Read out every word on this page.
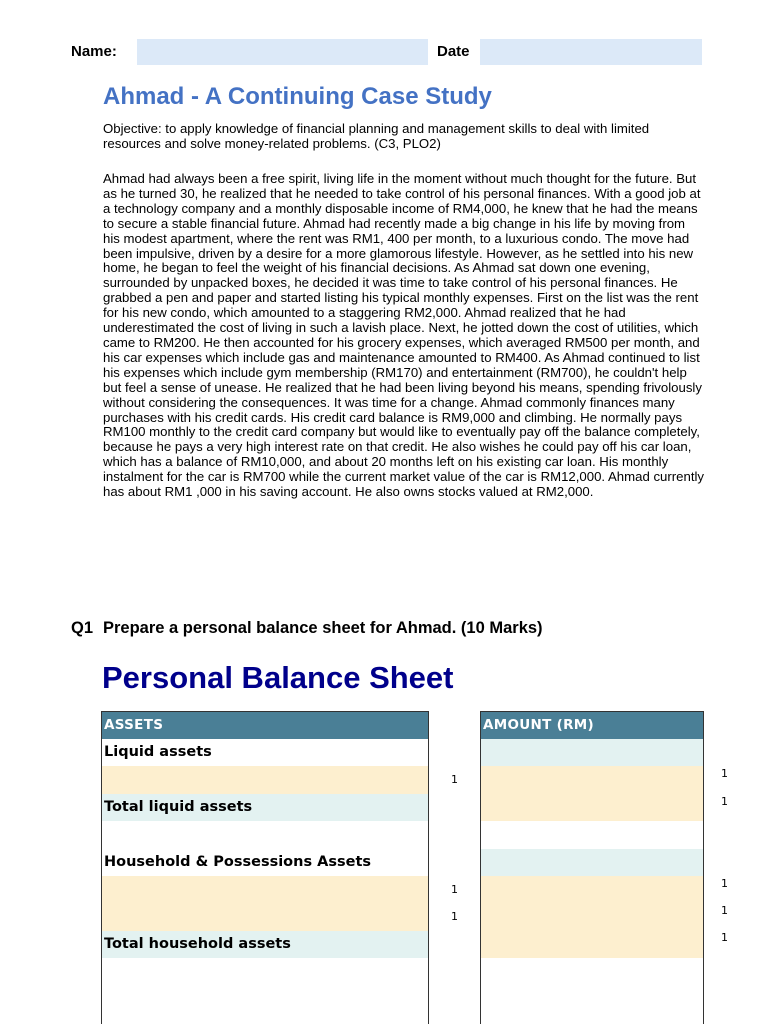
Name:	Date
Ahmad - A Continuing Case Study
Objective: to apply knowledge of financial planning and management skills to deal with limited resources and solve money-related problems. (C3, PLO2)
Ahmad had always been a free spirit, living life in the moment without much thought for the future. But as he turned 30, he realized that he needed to take control of his personal finances. With a good job at a technology company and a monthly disposable income of RM4,000, he knew that he had the means to secure a stable financial future. Ahmad had recently made a big change in his life by moving from his modest apartment, where the rent was RM1, 400 per month, to a luxurious condo. The move had been impulsive, driven by a desire for a more glamorous lifestyle. However, as he settled into his new home, he began to feel the weight of his financial decisions. As Ahmad sat down one evening, surrounded by unpacked boxes, he decided it was time to take control of his personal finances. He grabbed a pen and paper and started listing his typical monthly expenses. First on the list was the rent for his new condo, which amounted to a staggering RM2,000. Ahmad realized that he had underestimated the cost of living in such a lavish place. Next, he jotted down the cost of utilities, which came to RM200. He then accounted for his grocery expenses, which averaged RM500 per month, and his car expenses which include gas and maintenance amounted to RM400. As Ahmad continued to list his expenses which include gym membership (RM170) and entertainment (RM700), he couldn't help but feel a sense of unease. He realized that he had been living beyond his means, spending frivolously without considering the consequences. It was time for a change. Ahmad commonly finances many purchases with his credit cards. His credit card balance is RM9,000 and climbing. He normally pays RM100 monthly to the credit card company but would like to eventually pay off the balance completely, because he pays a very high interest rate on that credit. He also wishes he could pay off his car loan, which has a balance of RM10,000, and about 20 months left on his existing car loan. His monthly instalment for the car is RM700 while the current market value of the car is RM12,000. Ahmad currently has about RM1 ,000 in his saving account. He also owns stocks valued at RM2,000.
Q1 Prepare a personal balance sheet for Ahmad. (10 Marks)
Personal Balance Sheet
ASSETS
Liquid assets
Total liquid assets
Household & Possessions Assets
Total household assets
1
1
1
AMOUNT (RM)
1
1
1
1
1
